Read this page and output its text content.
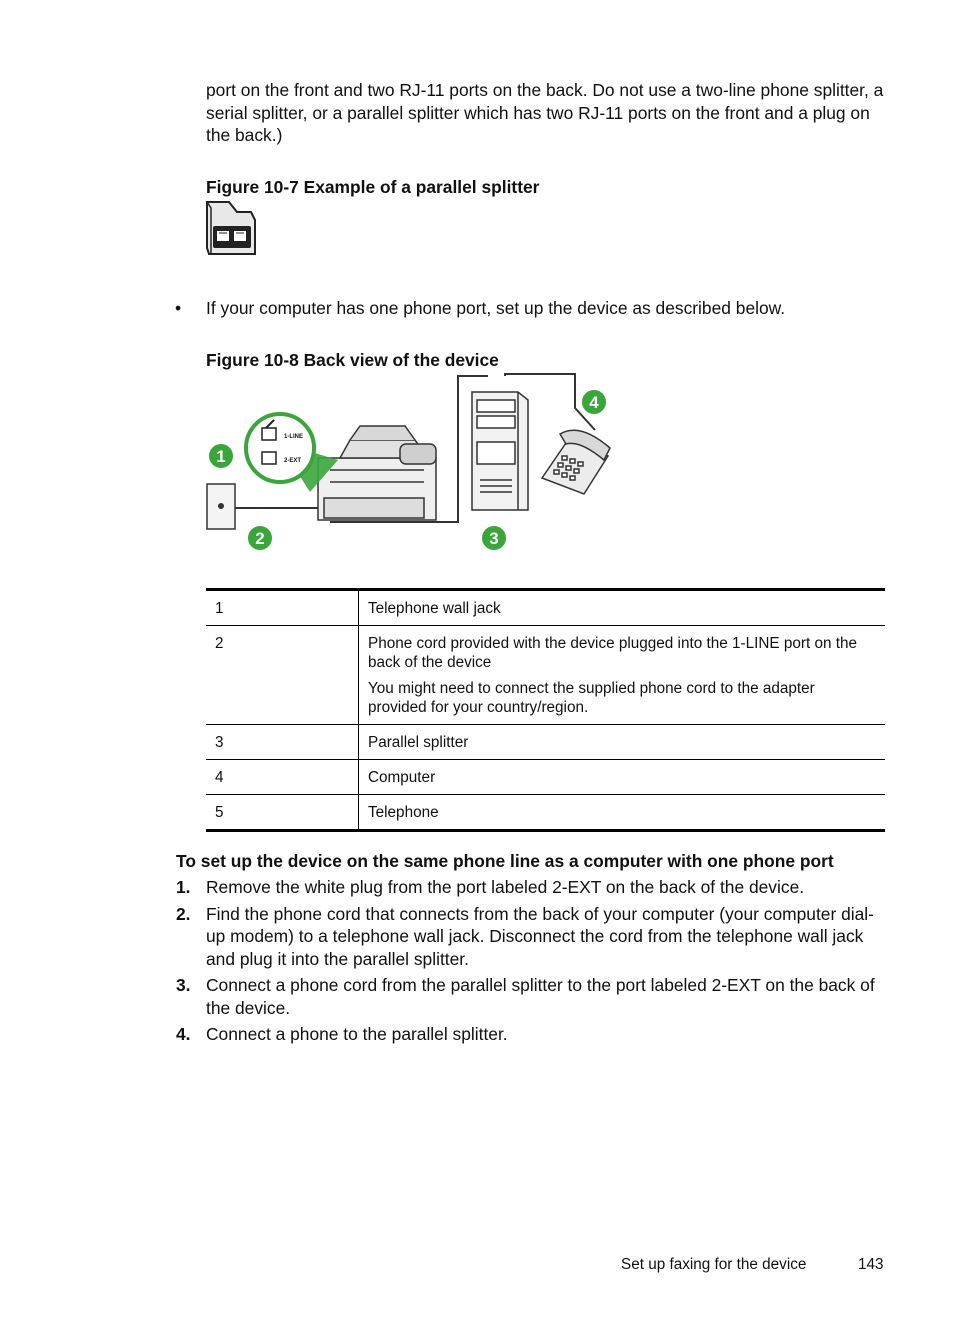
port on the front and two RJ-11 ports on the back. Do not use a two-line phone splitter, a serial splitter, or a parallel splitter which has two RJ-11 ports on the front and a plug on the back.)

Figure 10-7 Example of a parallel splitter

• If your computer has one phone port, set up the device as described below.

Figure 10-8 Back view of the device

1-LINE
2-EXT
1
2	3
4
1	Telephone wall jack

2	Phone cord provided with the device plugged into the 1-LINE port on the back of the device

You might need to connect the supplied phone cord to the adapter provided for your country/region.

3	Parallel splitter

4	Computer

5	Telephone

To set up the device on the same phone line as a computer with one phone port

1. Remove the white plug from the port labeled 2-EXT on the back of the device.
2. Find the phone cord that connects from the back of your computer (your computer dial-up modem) to a telephone wall jack. Disconnect the cord from the telephone wall jack and plug it into the parallel splitter.
3. Connect a phone cord from the parallel splitter to the port labeled 2-EXT on the back of the device.
4. Connect a phone to the parallel splitter.
Set up faxing for the device	143
